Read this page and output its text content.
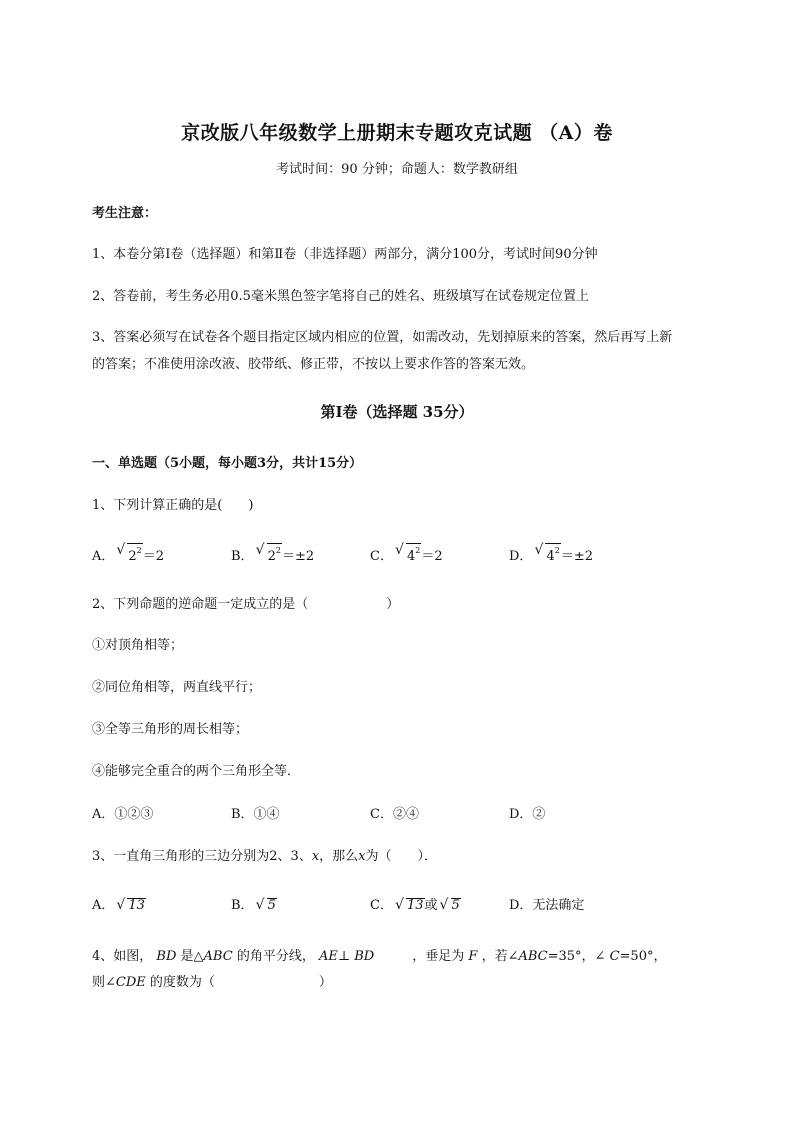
京改版八年级数学上册期末专题攻克试题 （A）卷
考试时间：90 分钟；命题人：数学教研组
考生注意：
1、本卷分第Ⅰ卷（选择题）和第Ⅱ卷（非选择题）两部分，满分100分，考试时间90分钟
2、答卷前，考生务必用0.5毫米黑色签字笔将自己的姓名、班级填写在试卷规定位置上
3、答案必须写在试卷各个题目指定区域内相应的位置，如需改动，先划掉原来的答案，然后再写上新
的答案；不准使用涂改液、胶带纸、修正带，不按以上要求作答的答案无效。
第Ⅰ卷（选择题 35分）
一、单选题（5小题，每小题3分，共计15分）
1、下列计算正确的是(　　)
A． √ $2^2=2$	B． √ $2^2=\pm 2$	C． √ $4^2=2$	D． √ $4^2=\pm 2$
2、下列命题的逆命题一定成立的是（　　　　　　）
①对顶角相等；
②同位角相等，两直线平行；
③全等三角形的周长相等；
④能够完全重合的两个三角形全等．
A．①②③	B．①④	C．②④	D．②
3、一直角三角形的三边分别为2、3、x，那么x为（　　）．
A． √ 13	B． √ 5	C． √ 13或 √ 5	D．无法确定
4、如图， BD 是△ABC 的角平分线， AE⊥ BD	，垂足为 F ，若∠ABC=35°，∠ C=50°，
则∠CDE 的度数为（　　　　　　　　）
